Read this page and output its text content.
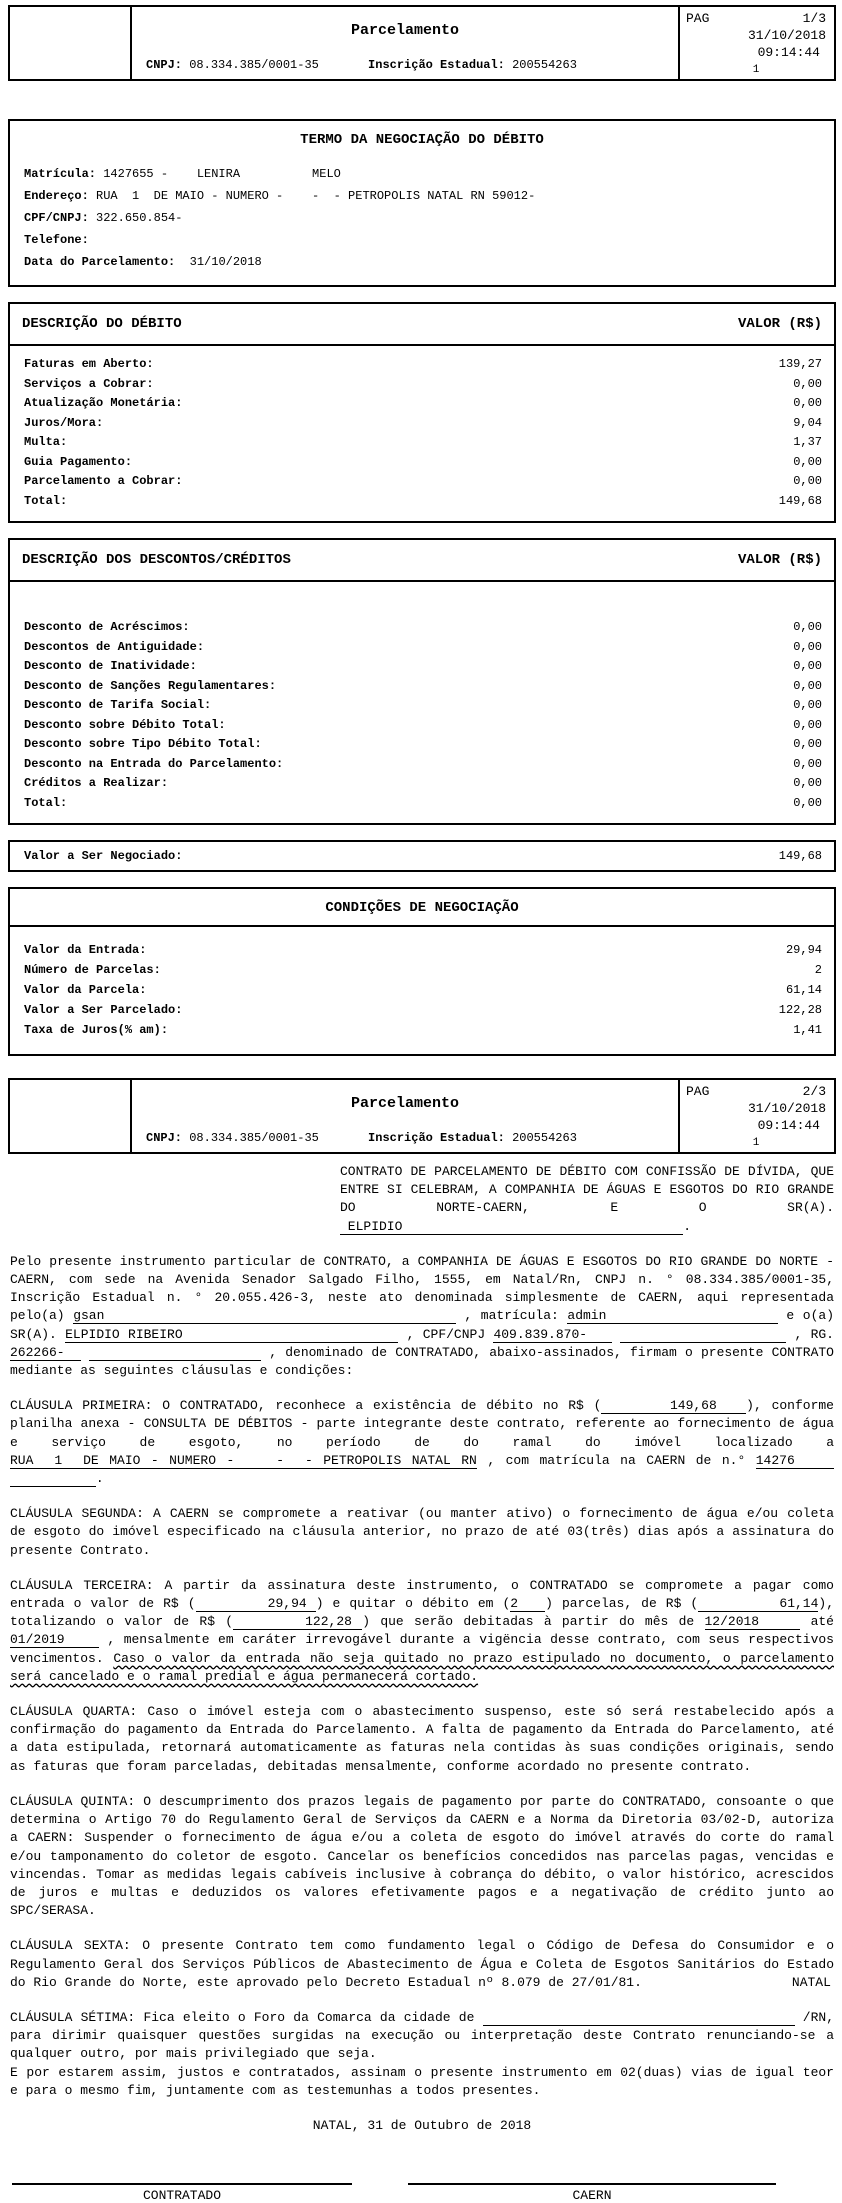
Parcelamento
CNPJ: 08.334.385/0001-35	Inscrição Estadual: 200554263
PAG	1/3
31/10/2018
09:14:44
1
TERMO DA NEGOCIAÇÃO DO DÉBITO
Matrícula: 1427655 -    LENIRA          MELO
Endereço: RUA  1  DE MAIO - NUMERO -    -  - PETROPOLIS NATAL RN 59012-
CPF/CNPJ: 322.650.854-
Telefone:
Data do Parcelamento:  31/10/2018
DESCRIÇÃO DO DÉBITO	VALOR (R$)
Faturas em Aberto:	139,27
Serviços a Cobrar:	0,00
Atualização Monetária:	0,00
Juros/Mora:	9,04
Multa:	1,37
Guia Pagamento:	0,00
Parcelamento a Cobrar:	0,00
Total:	149,68
DESCRIÇÃO DOS DESCONTOS/CRÉDITOS	VALOR (R$)
Desconto de Acréscimos:	0,00
Descontos de Antiguidade:	0,00
Desconto de Inatividade:	0,00
Desconto de Sanções Regulamentares:	0,00
Desconto de Tarifa Social:	0,00
Desconto sobre Débito Total:	0,00
Desconto sobre Tipo Débito Total:	0,00
Desconto na Entrada do Parcelamento:	0,00
Créditos a Realizar:	0,00
Total:	0,00
Valor a Ser Negociado:	149,68
CONDIÇÕES DE NEGOCIAÇÃO
Valor da Entrada:	29,94
Número de Parcelas:	2
Valor da Parcela:	61,14
Valor a Ser Parcelado:	122,28
Taxa de Juros(% am):	1,41
Parcelamento
CNPJ: 08.334.385/0001-35	Inscrição Estadual: 200554263
PAG	2/3
31/10/2018
09:14:44
1

CONTRATO DE PARCELAMENTO DE DÉBITO COM CONFISSÃO DE DÍVIDA, QUE ENTRE SI CELEBRAM, A COMPANHIA DE ÁGUAS E ESGOTOS DO RIO GRANDE DO NORTE-CAERN, E O SR(A).  ELPIDIO                                    .

Pelo presente instrumento particular de CONTRATO, a COMPANHIA DE ÁGUAS E ESGOTOS DO RIO GRANDE DO NORTE - CAERN, com sede na Avenida Senador Salgado Filho, 1555, em Natal/Rn, CNPJ n. ° 08.334.385/0001-35, Inscrição Estadual n. ° 20.055.426-3, neste ato denominada simplesmente de CAERN, aqui representada pelo(a) gsan                                          , matrícula: admin                     e o(a) SR(A). ELPIDIO RIBEIRO                           , CPF/CNPJ 409.839.870-	, RG. 262266-	, denominado de CONTRATADO, abaixo-assinados, firmam o presente CONTRATO mediante as seguintes cláusulas e condições:

CLÁUSULA PRIMEIRA: O CONTRATADO, reconhece a existência de débito no R$ (       149,68   ), conforme planilha anexa - CONSULTA DE DÉBITOS - parte integrante deste contrato, referente ao fornecimento de água e serviço de esgoto, no período de do ramal do imóvel localizado a RUA  1  DE MAIO - NUMERO -    -  - PETROPOLIS NATAL RN , com matrícula na CAERN de n.° 14276                .

CLÁUSULA SEGUNDA: A CAERN se compromete a reativar (ou manter ativo) o fornecimento de água e/ou coleta de esgoto do imóvel especificado na cláusula anterior, no prazo de até 03(três) dias após a assinatura do presente Contrato.

CLÁUSULA TERCEIRA: A partir da assinatura deste instrumento, o CONTRATADO se compromete a pagar como entrada o valor de R$ (        29,94 ) e quitar o débito em (2   ) parcelas, de R$ (         61,14), totalizando o valor de R$ (       122,28 ) que serão debitadas à partir do mês de 12/2018     até 01/2019     , mensalmente em caráter irrevogável durante a vigëncia desse contrato, com seus respectivos vencimentos. Caso o valor da entrada não seja quitado no prazo estipulado no documento, o parcelamento será cancelado e o ramal predial e água permanecerá cortado.

CLÁUSULA QUARTA: Caso o imóvel esteja com o abastecimento suspenso, este só será restabelecido após a confirmação do pagamento da Entrada do Parcelamento. A falta de pagamento da Entrada do Parcelamento, até a data estipulada, retornará automaticamente as faturas nela contidas às suas condições originais, sendo as faturas que foram parceladas, debitadas mensalmente, conforme acordado no presente contrato.

CLÁUSULA QUINTA: O descumprimento dos prazos legais de pagamento por parte do CONTRATADO, consoante o que determina o Artigo 70 do Regulamento Geral de Serviços da CAERN e a Norma da Diretoria 03/02-D, autoriza a CAERN: Suspender o fornecimento de água e/ou a coleta de esgoto do imóvel através do corte do ramal e/ou tamponamento do coletor de esgoto. Cancelar os benefícios concedidos nas parcelas pagas, vencidas e vincendas. Tomar as medidas legais cabíveis inclusive à cobrança do débito, o valor histórico, acrescidos de juros e multas e deduzidos os valores efetivamente pagos e a negativação de crédito junto ao SPC/SERASA.

CLÁUSULA SEXTA: O presente Contrato tem como fundamento legal o Código de Defesa do Consumidor e o Regulamento Geral dos Serviços Públicos de Abastecimento de Água e Coleta de Esgotos Sanitários do Estado do Rio Grande do Norte, este aprovado pelo Decreto Estadual nº 8.079 de 27/01/81.	NATAL

CLÁUSULA SÉTIMA: Fica eleito o Foro da Comarca da cidade de	/RN, para dirimir quaisquer questões surgidas na execução ou interpretação deste Contrato renunciando-se a qualquer outro, por mais privilegiado que seja.

E por estarem assim, justos e contratados, assinam o presente instrumento em 02(duas) vias de igual teor e para o mesmo fim, juntamente com as testemunhas a todos presentes.

NATAL, 31 de Outubro de 2018

CONTRATADO	CAERN
